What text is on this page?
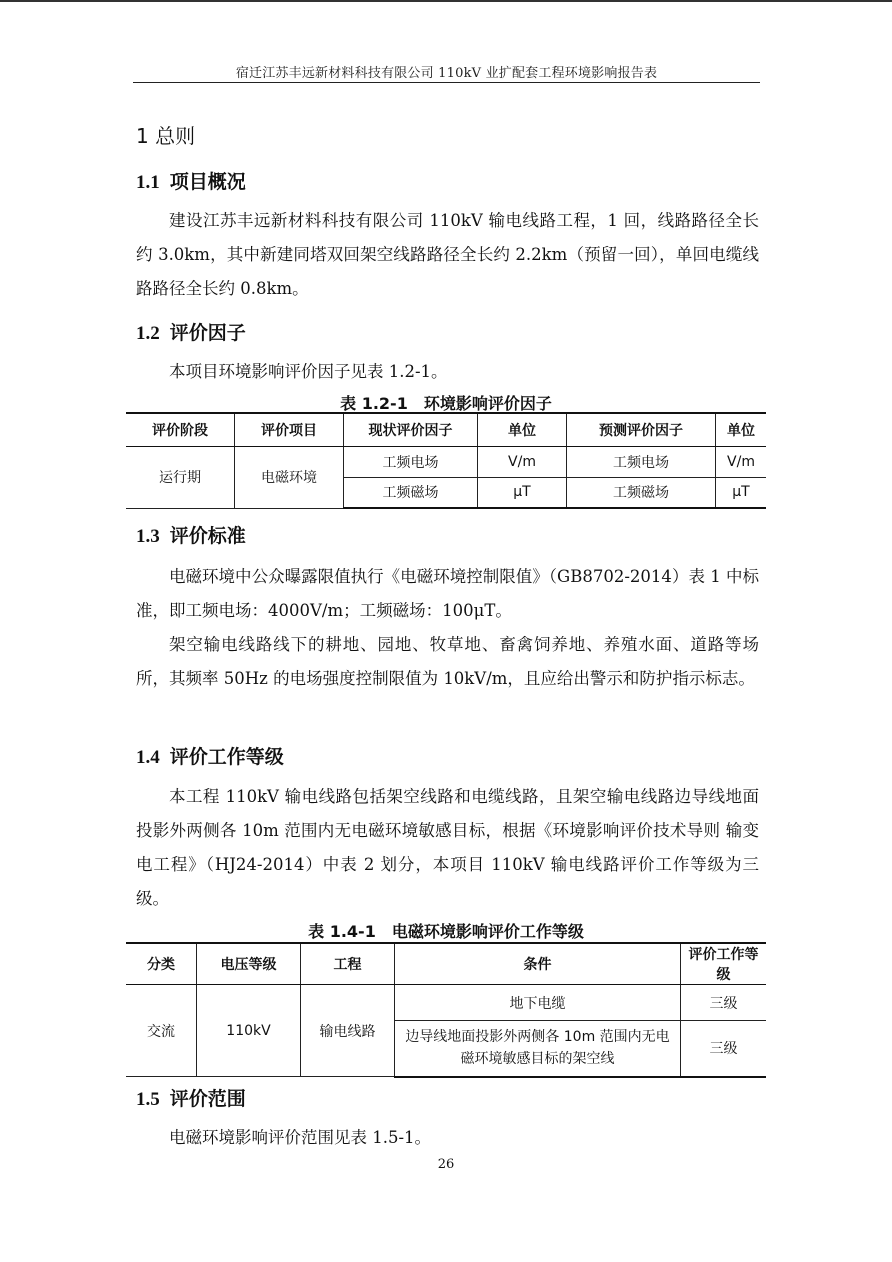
宿迁江苏丰远新材料科技有限公司 110kV 业扩配套工程环境影响报告表
1 总则
1.1 项目概况
建设江苏丰远新材料科技有限公司 110kV 输电线路工程，1 回，线路路径全长约 3.0km，其中新建同塔双回架空线路路径全长约 2.2km（预留一回），单回电缆线路路径全长约 0.8km。
1.2 评价因子
本项目环境影响评价因子见表 1.2-1。
表 1.2-1　环境影响评价因子
评价阶段	评价项目	现状评价因子	单位	预测评价因子	单位
运行期	电磁环境	工频电场	V/m	工频电场	V/m
		工频磁场	μT	工频磁场	μT
1.3 评价标准
电磁环境中公众曝露限值执行《电磁环境控制限值》（GB8702-2014）表 1 中标准，即工频电场：4000V/m；工频磁场：100μT。
架空输电线路线下的耕地、园地、牧草地、畜禽饲养地、养殖水面、道路等场所，其频率 50Hz 的电场强度控制限值为 10kV/m，且应给出警示和防护指示标志。
1.4 评价工作等级
本工程 110kV 输电线路包括架空线路和电缆线路，且架空输电线路边导线地面投影外两侧各 10m 范围内无电磁环境敏感目标，根据《环境影响评价技术导则 输变电工程》（HJ24-2014）中表 2 划分，本项目 110kV 输电线路评价工作等级为三级。
表 1.4-1　电磁环境影响评价工作等级
分类	电压等级	工程	条件	评价工作等级
交流	110kV	输电线路	地下电缆	三级
			边导线地面投影外两侧各 10m 范围内无电磁环境敏感目标的架空线	三级
1.5 评价范围
电磁环境影响评价范围见表 1.5-1。
26
